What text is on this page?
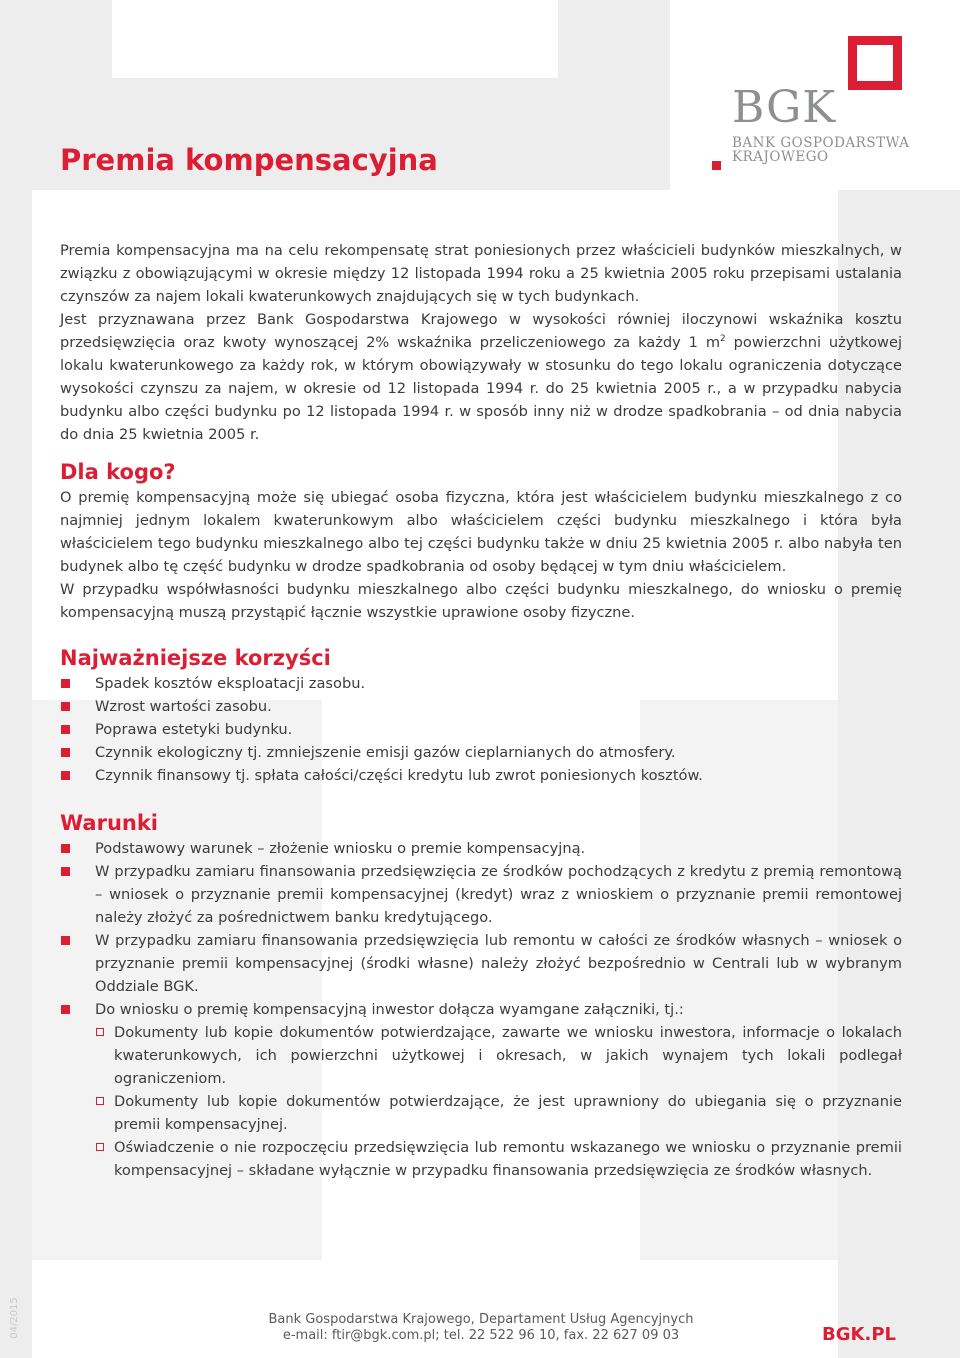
BGK

BANK GOSPODARSTWA
KRAJOWEGO

Premia kompensacyjna

Premia kompensacyjna ma na celu rekompensatę strat poniesionych przez właścicieli budynków mieszkalnych, w związku z obowiązującymi w okresie między 12 listopada 1994 roku a 25 kwietnia 2005 roku przepisami ustalania czynszów za najem lokali kwaterunkowych znajdujących się w tych budynkach.

Jest przyznawana przez Bank Gospodarstwa Krajowego w wysokości równiej iloczynowi wskaźnika kosztu przedsięwzięcia oraz kwoty wynoszącej 2% wskaźnika przeliczeniowego za każdy 1 $m^2$ powierzchni użytkowej lokalu kwaterunkowego za każdy rok, w którym obowiązywały w stosunku do tego lokalu ograniczenia dotyczące wysokości czynszu za najem, w okresie od 12 listopada 1994 r. do 25 kwietnia 2005 r., a w przypadku nabycia budynku albo części budynku po 12 listopada 1994 r. w sposób inny niż w drodze spadkobrania – od dnia nabycia do dnia 25 kwietnia 2005 r.

Dla kogo?

O premię kompensacyjną może się ubiegać osoba fizyczna, która jest właścicielem budynku mieszkalnego z co najmniej jednym lokalem kwaterunkowym albo właścicielem części budynku mieszkalnego i która była właścicielem tego budynku mieszkalnego albo tej części budynku także w dniu 25 kwietnia 2005 r. albo nabyła ten budynek albo tę część budynku w drodze spadkobrania od osoby będącej w tym dniu właścicielem.

W przypadku współwłasności budynku mieszkalnego albo części budynku mieszkalnego, do wniosku o premię kompensacyjną muszą przystąpić łącznie wszystkie uprawione osoby fizyczne.

Najważniejsze korzyści
Spadek kosztów eksploatacji zasobu.
Wzrost wartości zasobu.
Poprawa estetyki budynku.
Czynnik ekologiczny tj. zmniejszenie emisji gazów cieplarnianych do atmosfery.
Czynnik finansowy tj. spłata całości/części kredytu lub zwrot poniesionych kosztów.
Warunki
Podstawowy warunek – złożenie wniosku o premie kompensacyjną.
W przypadku zamiaru finansowania przedsięwzięcia ze środków pochodzących z kredytu z premią remontową – wniosek o przyznanie premii kompensacyjnej (kredyt) wraz z wnioskiem o przyznanie premii remontowej należy złożyć za pośrednictwem banku kredytującego.
W przypadku zamiaru finansowania przedsięwzięcia lub remontu w całości ze środków własnych – wniosek o przyznanie premii kompensacyjnej (środki własne) należy złożyć bezpośrednio w Centrali lub w wybranym Oddziale BGK.
Do wniosku o premię kompensacyjną inwestor dołącza wyamgane załączniki, tj.:
Dokumenty lub kopie dokumentów potwierdzające, zawarte we wniosku inwestora, informacje o lokalach kwaterunkowych, ich powierzchni użytkowej i okresach, w jakich wynajem tych lokali podlegał ograniczeniom.
Dokumenty lub kopie dokumentów potwierdzające, że jest uprawniony do ubiegania się o przyznanie premii kompensacyjnej.
Oświadczenie o nie rozpoczęciu przedsięwzięcia lub remontu wskazanego we wniosku o przyznanie premii kompensacyjnej – składane wyłącznie w przypadku finansowania przedsięwzięcia ze środków własnych.

04/2015	Bank Gospodarstwa Krajowego, Departament Usług Agencyjnych

e-mail: ftir@bgk.com.pl; tel. 22 522 96 10, fax. 22 627 09 03	BGK.PL
